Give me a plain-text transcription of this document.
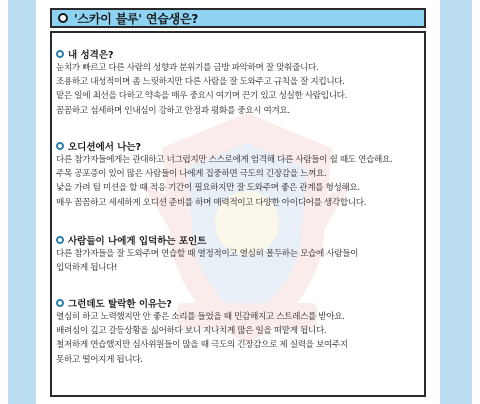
'스카이 블루' 연습생은?
내 성격은?
눈치가 빠르고 다른 사람의 성향과 분위기를 금방 파악하며 잘 맞춰줍니다.
조용하고 내성적이며 좀 느릿하지만 다른 사람을 잘 도와주고 규칙을 잘 지킵니다.
맡은 일에 최선을 다하고 약속을 매우 중요시 여기며 끈기 있고 성실한 사람입니다.
꼼꼼하고 섬세하며 인내심이 강하고 안정과 평화를 중요시 여겨요.
오디션에서 나는?
다른 참가자들에게는 관대하고 너그럽지만 스스로에게 엄격해 다른 사람들이 쉴 때도 연습해요.
주목 공포증이 있어 많은 사람들이 나에게 집중하면 극도의 긴장감을 느껴요.
낯을 가려 팀 미션을 할 때 적응 기간이 필요하지만 잘 도와주며 좋은 관계를 형성해요.
매우 꼼꼼하고 세세하게 오디션 준비를 하며 매력적이고 다양한 아이디어를 생각합니다.
사람들이 나에게 입덕하는 포인트
다른 참가자들을 잘 도와주며 연습할 때 열정적이고 열심히 몰두하는 모습에 사람들이
입덕하게 됩니다!
그런데도 탈락한 이유는?
열심히 하고 노력했지만 안 좋은 소리를 들었을 때 민감해지고 스트레스를 받아요.
배려심이 깊고 갈등상황을 싫어하다 보니 지나치게 많은 일을 떠맡게 됩니다.
철저하게 연습했지만 심사위원들이 많을 때 극도의 긴장감으로 제 실력을 보여주지
못하고 떨어지게 됩니다.
